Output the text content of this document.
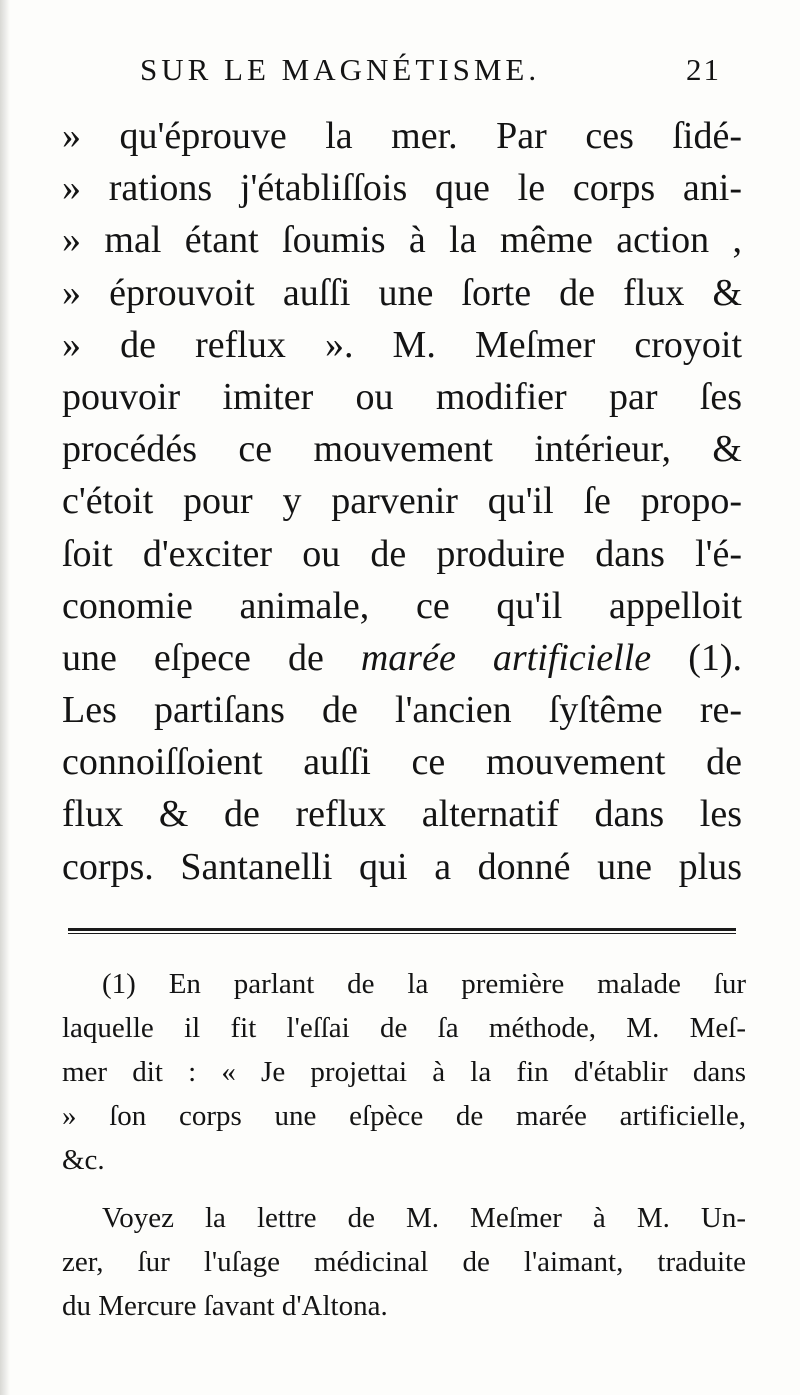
SUR LE MAGNÉTISME.	21
» qu'éprouve la mer. Par ces ſidé-
» rations j'établiſſois que le corps ani-
» mal étant ſoumis à la même action ,
» éprouvoit auſſi une ſorte de flux &
» de reflux ». M. Meſmer croyoit
pouvoir imiter ou modifier par ſes
procédés ce mouvement intérieur, &
c'étoit pour y parvenir qu'il ſe propo-
ſoit d'exciter ou de produire dans l'é-
conomie animale, ce qu'il appelloit
une eſpece de marée artificielle (1).
Les partiſans de l'ancien ſyſtême re-
connoiſſoient auſſi ce mouvement de
flux & de reflux alternatif dans les
corps. Santanelli qui a donné une plus
(1) En parlant de la première malade ſur
laquelle il fit l'eſſai de ſa méthode, M. Meſ-
mer dit : « Je projettai à la fin d'établir dans
» ſon corps une eſpèce de marée artificielle,
&c.
Voyez la lettre de M. Meſmer à M. Un-
zer, ſur l'uſage médicinal de l'aimant, traduite
du Mercure ſavant d'Altona.
